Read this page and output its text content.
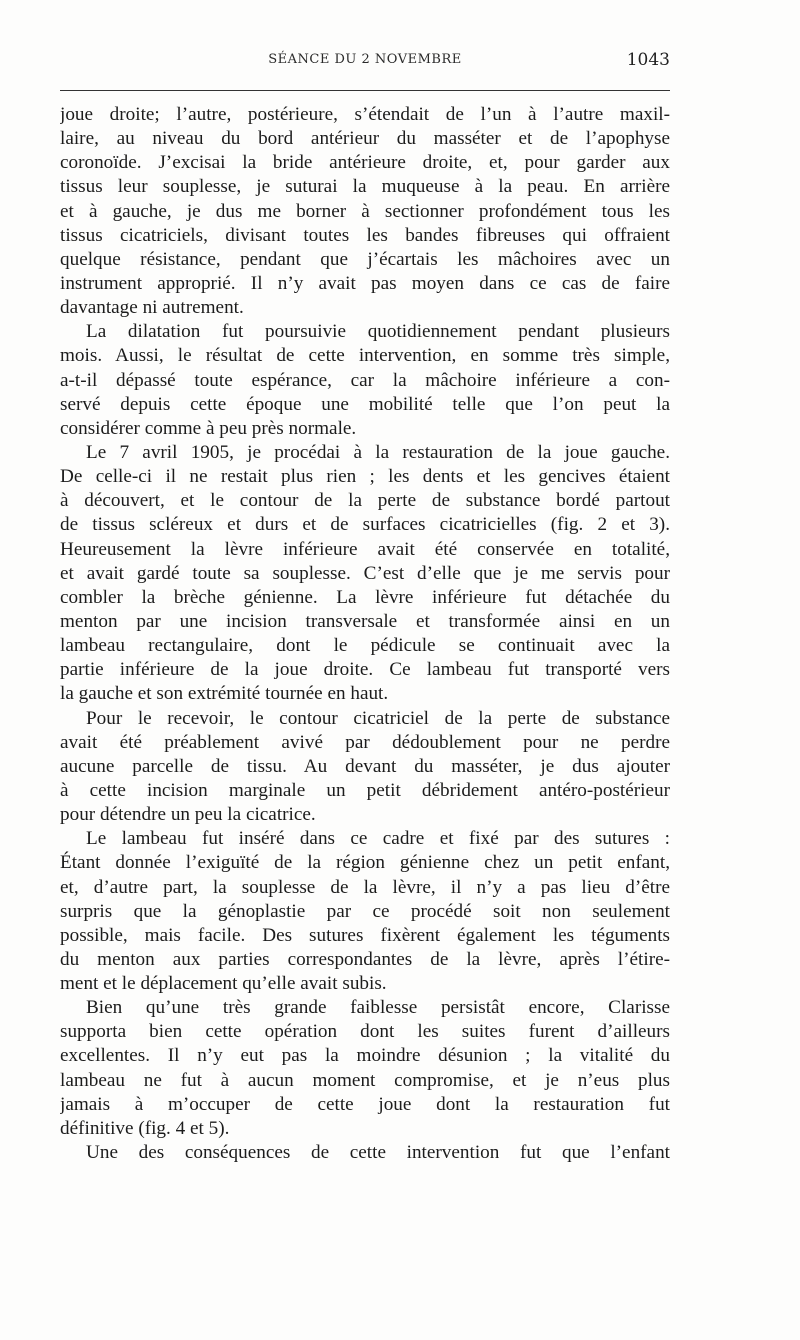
SÉANCE DU 2 NOVEMBRE	1043
joue droite; l’autre, postérieure, s’étendait de l’un à l’autre maxil-
laire, au niveau du bord antérieur du masséter et de l’apophyse
coronoïde. J’excisai la bride antérieure droite, et, pour garder aux
tissus leur souplesse, je suturai la muqueuse à la peau. En arrière
et à gauche, je dus me borner à sectionner profondément tous les
tissus cicatriciels, divisant toutes les bandes fibreuses qui offraient
quelque résistance, pendant que j’écartais les mâchoires avec un
instrument approprié. Il n’y avait pas moyen dans ce cas de faire
davantage ni autrement.
La dilatation fut poursuivie quotidiennement pendant plusieurs
mois. Aussi, le résultat de cette intervention, en somme très simple,
a-t-il dépassé toute espérance, car la mâchoire inférieure a con-
servé depuis cette époque une mobilité telle que l’on peut la
considérer comme à peu près normale.
Le 7 avril 1905, je procédai à la restauration de la joue gauche.
De celle-ci il ne restait plus rien ; les dents et les gencives étaient
à découvert, et le contour de la perte de substance bordé partout
de tissus scléreux et durs et de surfaces cicatricielles (fig. 2 et 3).
Heureusement la lèvre inférieure avait été conservée en totalité,
et avait gardé toute sa souplesse. C’est d’elle que je me servis pour
combler la brèche génienne. La lèvre inférieure fut détachée du
menton par une incision transversale et transformée ainsi en un
lambeau rectangulaire, dont le pédicule se continuait avec la
partie inférieure de la joue droite. Ce lambeau fut transporté vers
la gauche et son extrémité tournée en haut.
Pour le recevoir, le contour cicatriciel de la perte de substance
avait été préablement avivé par dédoublement pour ne perdre
aucune parcelle de tissu. Au devant du masséter, je dus ajouter
à cette incision marginale un petit débridement antéro-postérieur
pour détendre un peu la cicatrice.
Le lambeau fut inséré dans ce cadre et fixé par des sutures :
Étant donnée l’exiguïté de la région génienne chez un petit enfant,
et, d’autre part, la souplesse de la lèvre, il n’y a pas lieu d’être
surpris que la génoplastie par ce procédé soit non seulement
possible, mais facile. Des sutures fixèrent également les téguments
du menton aux parties correspondantes de la lèvre, après l’étire-
ment et le déplacement qu’elle avait subis.
Bien qu’une très grande faiblesse persistât encore, Clarisse
supporta bien cette opération dont les suites furent d’ailleurs
excellentes. Il n’y eut pas la moindre désunion ; la vitalité du
lambeau ne fut à aucun moment compromise, et je n’eus plus
jamais à m’occuper de cette joue dont la restauration fut
définitive (fig. 4 et 5).
Une des conséquences de cette intervention fut que l’enfant
